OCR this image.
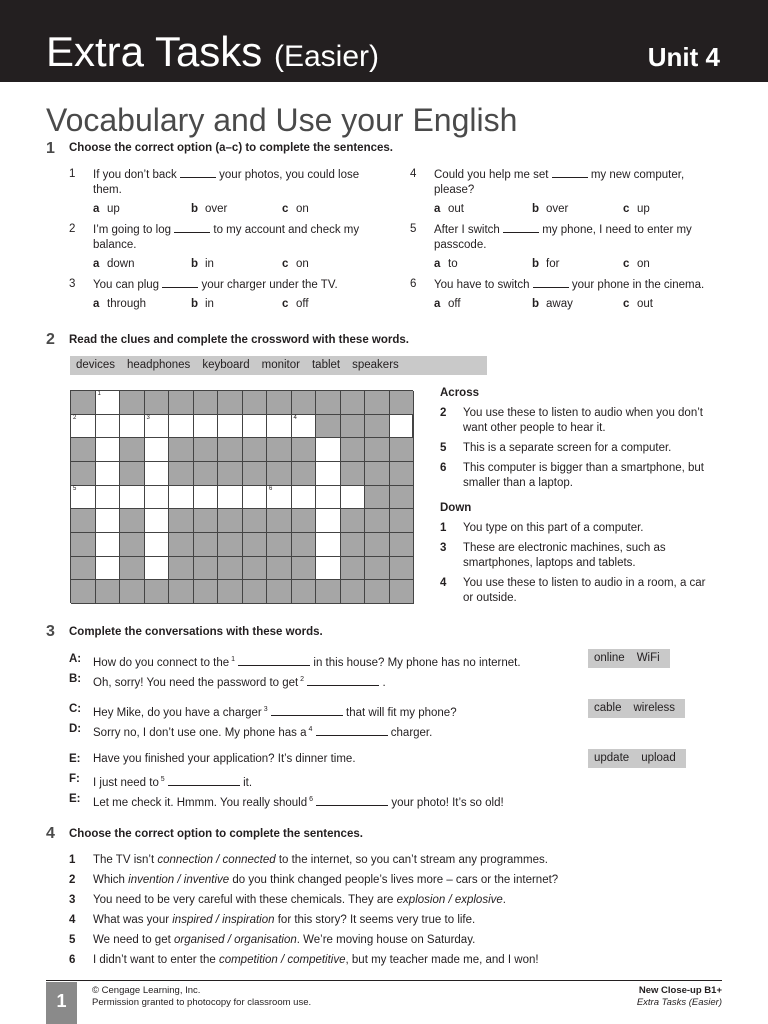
Extra Tasks (Easier)	Unit 4
Vocabulary and Use your English
1 Choose the correct option (a–c) to complete the sentences.
1 If you don’t back	your photos, you could lose them.
a up	b over	c on
2 I’m going to log	to my account and check my balance.
a down	b in	c on
3 You can plug	your charger under the TV.
a through	b in	c off
4 Could you help me set	my new computer, please?
a out	b over	c up
5 After I switch	my phone, I need to enter my passcode.
a to	b for	c on
6 You have to switch	your phone in the cinema.
a off	b away	c out
2 Read the clues and complete the crossword with these words.
devices headphones keyboard monitor tablet speakers
1
2	3	4
5	6
Across
2	You use these to listen to audio when you don’t want other people to hear it.
5	This is a separate screen for a computer.
6	This computer is bigger than a smartphone, but smaller than a laptop.
Down
1	You type on this part of a computer.
3	These are electronic machines, such as smartphones, laptops and tablets.
4	You use these to listen to audio in a room, a car or outside.
3 Complete the conversations with these words.
A: How do you connect to the $^1$	in this house? My phone has no internet.
B: Oh, sorry! You need the password to get $^2$	.
C: Hey Mike, do you have a charger $^3$	that will fit my phone?
D: Sorry no, I don’t use one. My phone has a $^4$	charger.
E: Have you finished your application? It’s dinner time.
F: I just need to $^5$	it.
E: Let me check it. Hmmm. You really should $^6$	your photo! It’s so old!
online WiFi
cable wireless
update upload
4 Choose the correct option to complete the sentences.
1 The TV isn’t connection / connected to the internet, so you can’t stream any programmes.
2 Which invention / inventive do you think changed people’s lives more – cars or the internet?
3 You need to be very careful with these chemicals. They are explosion / explosive.
4 What was your inspired / inspiration for this story? It seems very true to life.
5 We need to get organised / organisation. We’re moving house on Saturday.
6 I didn’t want to enter the competition / competitive, but my teacher made me, and I won!
1
© Cengage Learning, Inc.
Permission granted to photocopy for classroom use.
New Close-up B1+
Extra Tasks (Easier)
